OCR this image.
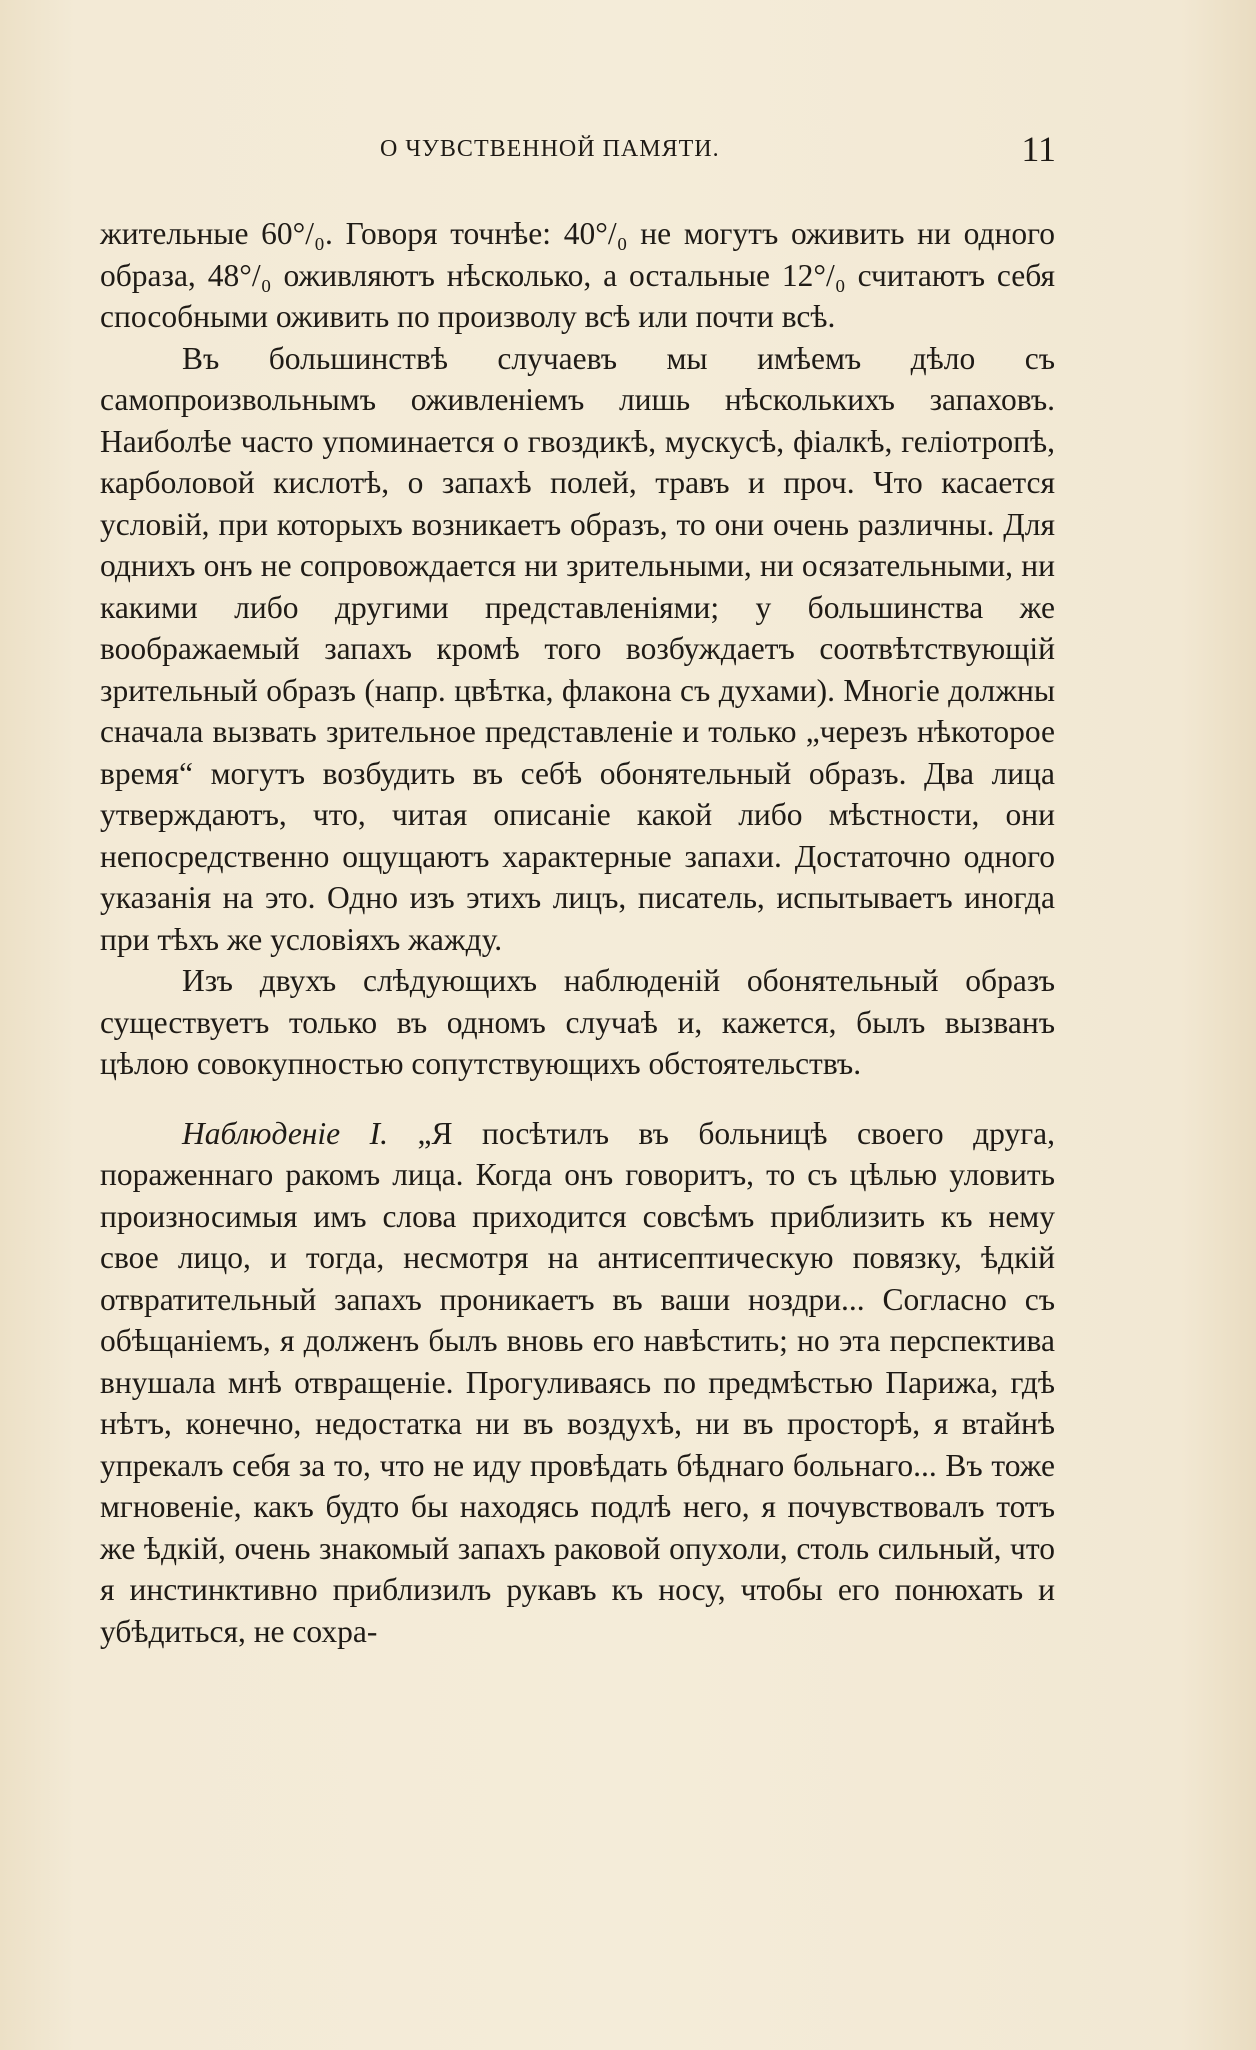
О ЧУВСТВЕННОЙ ПАМЯТИ.	11

жительные 60°/₀. Говоря точнѣе: 40°/₀ не могутъ оживить ни одного образа, 48°/₀ оживляютъ нѣсколько, а остальные 12°/₀ считаютъ себя способными оживить по произволу всѣ или почти всѣ.

Въ большинствѣ случаевъ мы имѣемъ дѣло съ самопроизвольнымъ оживленіемъ лишь нѣсколькихъ запаховъ. Наиболѣе часто упоминается о гвоздикѣ, мускусѣ, фіалкѣ, геліотропѣ, карболовой кислотѣ, о запахѣ полей, травъ и проч. Что касается условій, при которыхъ возникаетъ образъ, то они очень различны. Для однихъ онъ не сопровождается ни зрительными, ни осязательными, ни какими либо другими представленіями; у большинства же воображаемый запахъ кромѣ того возбуждаетъ соотвѣтствующій зрительный образъ (напр. цвѣтка, флакона съ духами). Многіе должны сначала вызвать зрительное представленіе и только „черезъ нѣкоторое время“ могутъ возбудить въ себѣ обонятельный образъ. Два лица утверждаютъ, что, читая описаніе какой либо мѣстности, они непосредственно ощущаютъ характерные запахи. Достаточно одного указанія на это. Одно изъ этихъ лицъ, писатель, испытываетъ иногда при тѣхъ же условіяхъ жажду.

Изъ двухъ слѣдующихъ наблюденій обонятельный образъ существуетъ только въ одномъ случаѣ и, кажется, былъ вызванъ цѣлою совокупностью сопутствующихъ обстоятельствъ.

Наблюденіе I. „Я посѣтилъ въ больницѣ своего друга, пораженнаго ракомъ лица. Когда онъ говоритъ, то съ цѣлью уловить произносимыя имъ слова приходится совсѣмъ приблизить къ нему свое лицо, и тогда, несмотря на антисептическую повязку, ѣдкій отвратительный запахъ проникаетъ въ ваши ноздри... Согласно съ обѣщаніемъ, я долженъ былъ вновь его навѣстить; но эта перспектива внушала мнѣ отвращеніе. Прогуливаясь по предмѣстью Парижа, гдѣ нѣтъ, конечно, недостатка ни въ воздухѣ, ни въ просторѣ, я втайнѣ упрекалъ себя за то, что не иду провѣдать бѣднаго больнаго... Въ тоже мгновеніе, какъ будто бы находясь подлѣ него, я почувствовалъ тотъ же ѣдкій, очень знакомый запахъ раковой опухоли, столь сильный, что я инстинктивно приблизилъ рукавъ къ носу, чтобы его понюхать и убѣдиться, не сохра-
